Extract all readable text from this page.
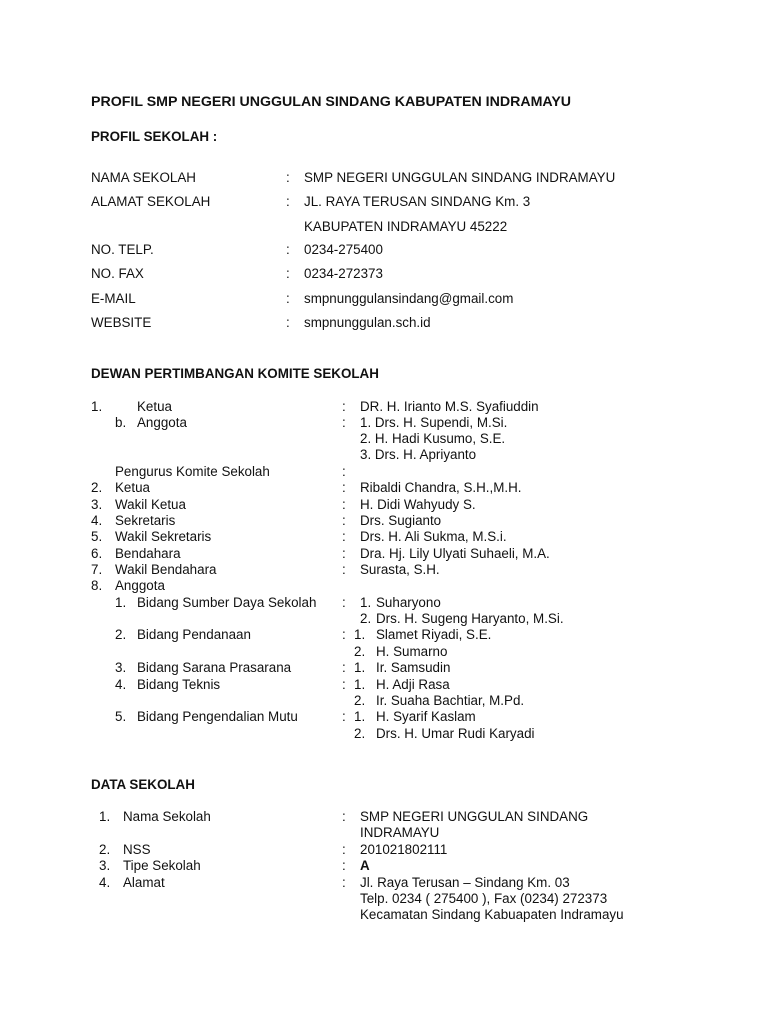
PROFIL SMP NEGERI UNGGULAN SINDANG KABUPATEN INDRAMAYU
PROFIL SEKOLAH :
NAMA SEKOLAH	: SMP NEGERI UNGGULAN SINDANG INDRAMAYU
ALAMAT SEKOLAH	: JL. RAYA TERUSAN SINDANG Km. 3
KABUPATEN INDRAMAYU 45222
NO. TELP.	: 0234-275400
NO. FAX	: 0234-272373
E-MAIL	: smpnunggulansindang@gmail.com
WEBSITE	: smpnunggulan.sch.id
DEWAN PERTIMBANGAN KOMITE SEKOLAH
1.	Ketua	: DR. H. Irianto M.S. Syafiuddin
b. Anggota	: 1. Drs. H. Supendi, M.Si.
2. H. Hadi Kusumo, S.E.
3. Drs. H. Apriyanto
Pengurus Komite Sekolah	:
2. Ketua	: Ribaldi Chandra, S.H.,M.H.
3. Wakil Ketua	: H. Didi Wahyudy S.
4. Sekretaris	: Drs. Sugianto
5. Wakil Sekretaris	: Drs. H. Ali Sukma, M.S.i.
6. Bendahara	: Dra. Hj. Lily Ulyati Suhaeli, M.A.
7. Wakil Bendahara	: Surasta, S.H.
8. Anggota
1. Bidang Sumber Daya Sekolah : 1. Suharyono
2. Drs. H. Sugeng Haryanto, M.Si.
2. Bidang Pendanaan	: 1. Slamet Riyadi, S.E.
2. H. Sumarno
3. Bidang Sarana Prasarana	: 1. Ir. Samsudin
4. Bidang Teknis	: 1. H. Adji Rasa
2. Ir. Suaha Bachtiar, M.Pd.
5. Bidang Pengendalian Mutu	: 1. H. Syarif Kaslam
2. Drs. H. Umar Rudi Karyadi
DATA SEKOLAH
1. Nama Sekolah	: SMP NEGERI UNGGULAN SINDANG
INDRAMAYU
2. NSS	: 201021802111
3. Tipe Sekolah	: A
4. Alamat	: Jl. Raya Terusan – Sindang Km. 03
Telp. 0234 ( 275400 ), Fax (0234) 272373
Kecamatan Sindang Kabuapaten Indramayu
